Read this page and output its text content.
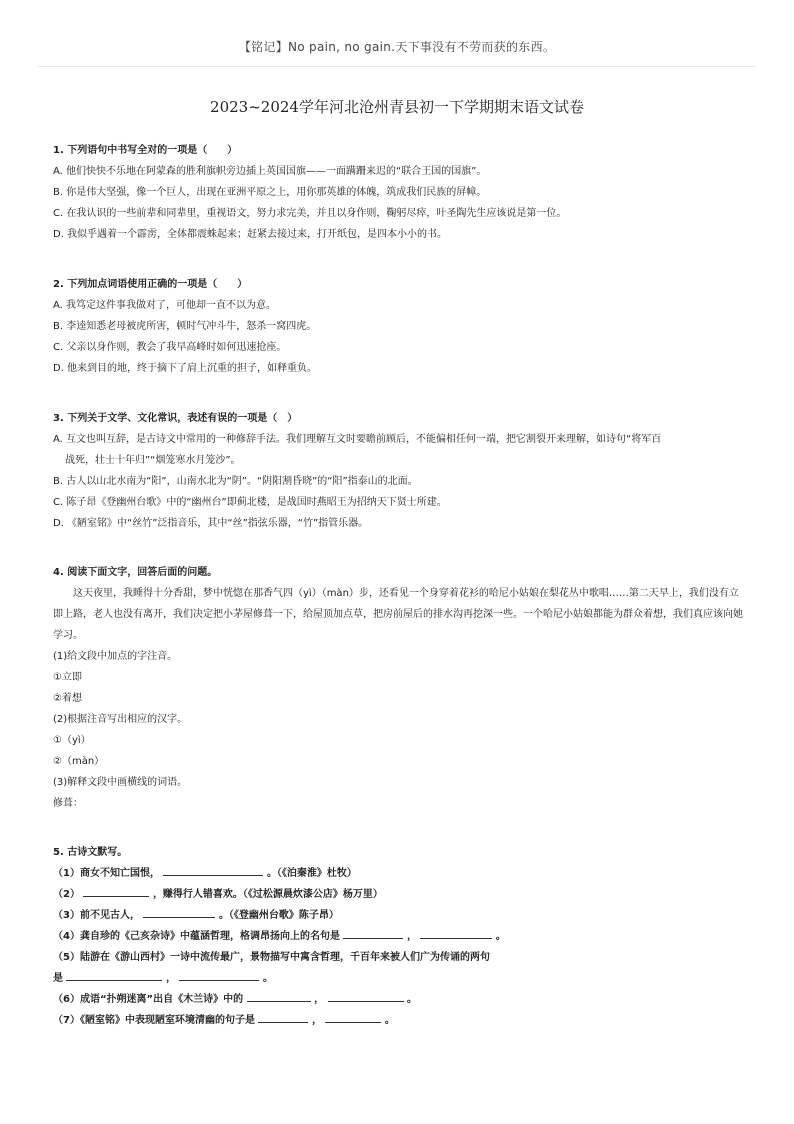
【铭记】No pain, no gain.天下事没有不劳而获的东西。
2023~2024学年河北沧州青县初一下学期期末语文试卷
1. 下列语句中书写全对的一项是（　　）
A. 他们快快不乐地在阿蒙森的胜利旗帜旁边插上英国国旗——一面蹒跚来迟的“联合王国的国旗”。
B. 你是伟大坚强，像一个巨人，出现在亚洲平原之上，用你那英雄的体魄，筑成我们民族的屏幛。
C. 在我认识的一些前辈和同辈里，重视语文，努力求完美，并且以身作则，鞠躬尽瘁，叶圣陶先生应该说是第一位。
D. 我似乎遇着一个霹雳，全体都震蛛起来；赶紧去接过来，打开纸包，是四本小小的书。
2. 下列加点词语使用正确的一项是（　　）
A. 我笃定这件事我做对了，可他却一直不以为意。
B. 李逵知悉老母被虎所害，顿时气冲斗牛，怒杀一窝四虎。
C. 父亲以身作则，教会了我早高峰时如何迅速抢座。
D. 他来到目的地，终于摘下了肩上沉重的担子，如释重负。
3. 下列关于文学、文化常识，表述有误的一项是（　）
A. 互文也叫互辞，是古诗文中常用的一种修辞手法。我们理解互文时要瞻前顾后，不能偏相任何一端，把它割裂开来理解，如诗句“将军百
战死，壮士十年归”“烟笼寒水月笼沙”。
B. 古人以山北水南为“阳”，山南水北为“阴”。“阴阳割昏晓”的“阳”指泰山的北面。
C. 陈子昂《登幽州台歌》中的“幽州台”即蓟北楼，是战国时燕昭王为招纳天下贤士所建。
D. 《陋室铭》中“丝竹”泛指音乐，其中“丝”指弦乐器，“竹”指管乐器。
4. 阅读下面文字，回答后面的问题。
这天夜里，我睡得十分香甜，梦中恍惚在那香气四（yì）（màn）步，还看见一个身穿着花衫的哈尼小姑娘在梨花丛中歌唱……第二天早上，我们没有立即上路，老人也没有离开，我们决定把小茅屋修葺一下，给屋顶加点草，把房前屋后的排水沟再挖深一些。一个哈尼小姑娘都能为群众着想，我们真应该向她学习。
(1)给文段中加点的字注音。
①立即
②着想
(2)根据注音写出相应的汉字。
①（yì）
②（màn）
(3)解释文段中画横线的词语。
修葺：
5. 古诗文默写。
（1）商女不知亡国恨，	。（《泊秦淮》杜牧）
（2）	，赚得行人错喜欢。（《过松源晨炊漆公店》杨万里）
（3）前不见古人，	。（《登幽州台歌》陈子昂）
（4）龚自珍的《己亥杂诗》中蕴涵哲理，格调昂扬向上的名句是	，	。
（5）陆游在《游山西村》一诗中流传最广，景物描写中寓含哲理，千百年来被人们广为传诵的两句
是	，	。
（6）成语“扑朔迷离”出自《木兰诗》中的	，	。
（7）《陋室铭》中表现陋室环境清幽的句子是	，	。
